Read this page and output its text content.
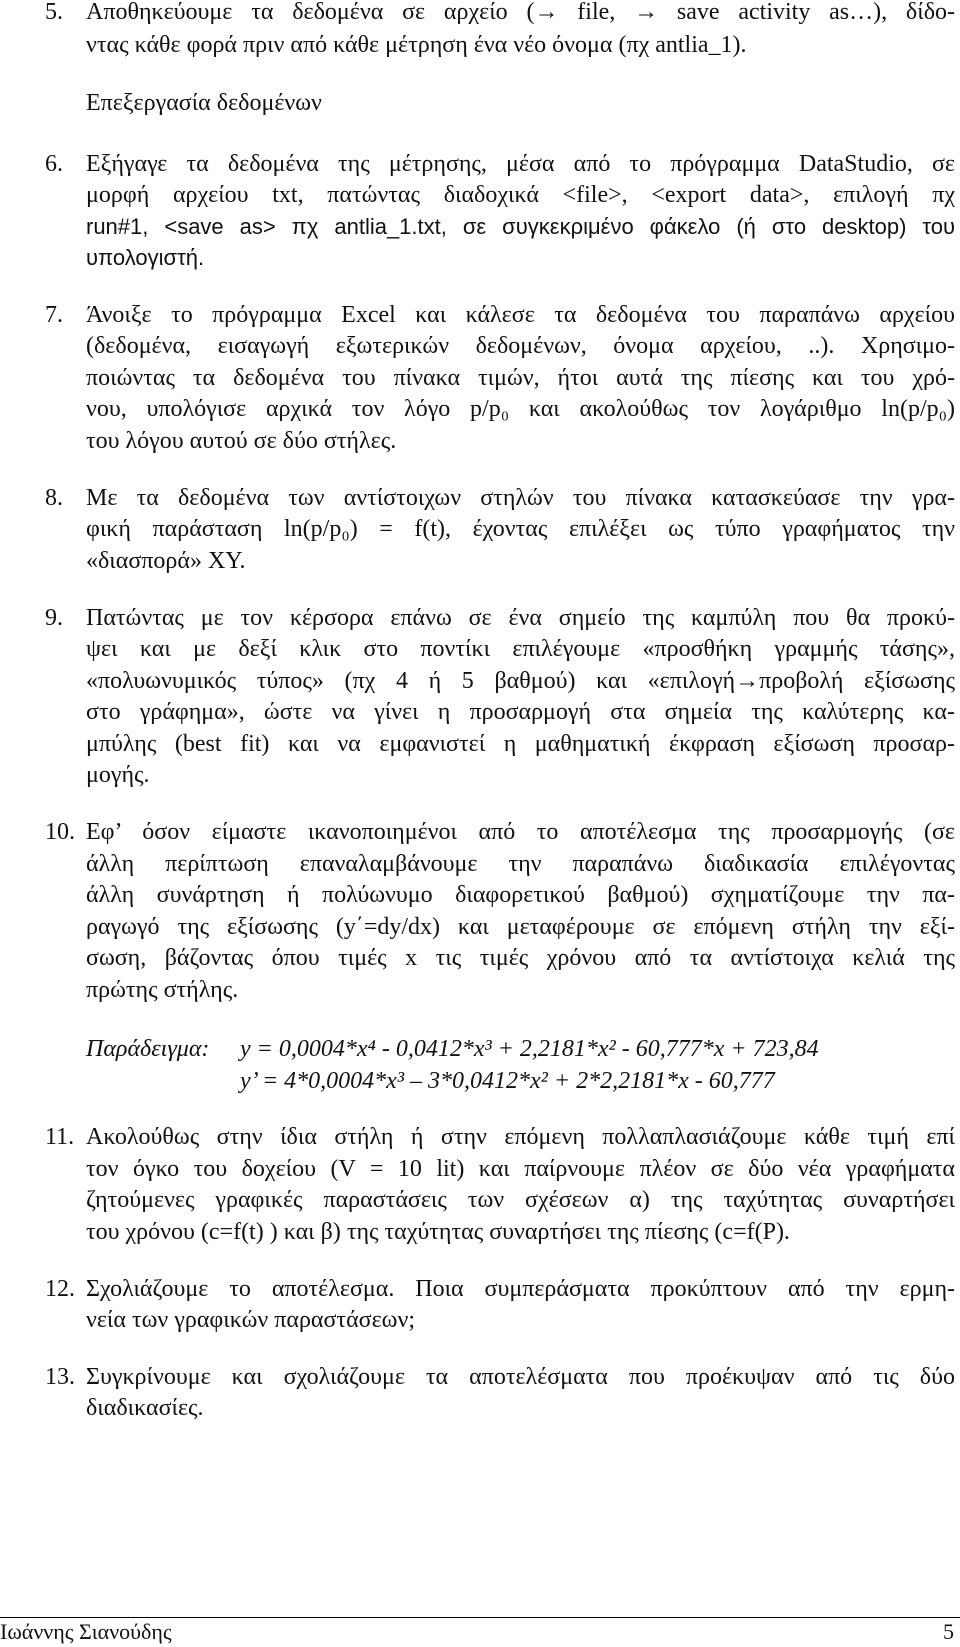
5. Αποθηκεύουμε τα δεδομένα σε αρχείο (→ file, → save activity as…), δίδο-
ντας κάθε φορά πριν από κάθε μέτρηση ένα νέο όνομα (πχ antlia_1).
Επεξεργασία δεδομένων
6. Εξήγαγε τα δεδομένα της μέτρησης, μέσα από το πρόγραμμα DataStudio, σε
μορφή αρχείου txt, πατώντας διαδοχικά <file>, <export data>, επιλογή πχ
run#1, <save as> πχ antlia_1.txt, σε συγκεκριμένο φάκελο (ή στο desktop) του
υπολογιστή.
7. Άνοιξε το πρόγραμμα Excel και κάλεσε τα δεδομένα του παραπάνω αρχείου
(δεδομένα, εισαγωγή εξωτερικών δεδομένων, όνομα αρχείου, ..). Χρησιμο-
ποιώντας τα δεδομένα του πίνακα τιμών, ήτοι αυτά της πίεσης και του χρό-
νου, υπολόγισε αρχικά τον λόγο p/p₀ και ακολούθως τον λογάριθμο ln(p/p₀)
του λόγου αυτού σε δύο στήλες.
8. Με τα δεδομένα των αντίστοιχων στηλών του πίνακα κατασκεύασε την γρα-
φική παράσταση ln(p/p₀) = f(t), έχοντας επιλέξει ως τύπο γραφήματος την
«διασπορά» XY.
9. Πατώντας με τον κέρσορα επάνω σε ένα σημείο της καμπύλη που θα προκύ-
ψει και με δεξί κλικ στο ποντίκι επιλέγουμε «προσθήκη γραμμής τάσης»,
«πολυωνυμικός τύπος» (πχ 4 ή 5 βαθμού) και «επιλογή→προβολή εξίσωσης
στο γράφημα», ώστε να γίνει η προσαρμογή στα σημεία της καλύτερης κα-
μπύλης (best fit) και να εμφανιστεί η μαθηματική έκφραση εξίσωση προσαρ-
μογής.
10. Εφ’ όσον είμαστε ικανοποιημένοι από το αποτέλεσμα της προσαρμογής (σε
άλλη περίπτωση επαναλαμβάνουμε την παραπάνω διαδικασία επιλέγοντας
άλλη συνάρτηση ή πολύωνυμο διαφορετικού βαθμού) σχηματίζουμε την πα-
ραγωγό της εξίσωσης (y΄=dy/dx) και μεταφέρουμε σε επόμενη στήλη την εξί-
σωση, βάζοντας όπου τιμές x τις τιμές χρόνου από τα αντίστοιχα κελιά της
πρώτης στήλης.
Παράδειγμα: y = 0,0004*x⁴ - 0,0412*x³ + 2,2181*x² - 60,777*x + 723,84
y’ = 4*0,0004*x³ – 3*0,0412*x² + 2*2,2181*x - 60,777
11. Ακολούθως στην ίδια στήλη ή στην επόμενη πολλαπλασιάζουμε κάθε τιμή επί
τον όγκο του δοχείου (V = 10 lit) και παίρνουμε πλέον σε δύο νέα γραφήματα
ζητούμενες γραφικές παραστάσεις των σχέσεων α) της ταχύτητας συναρτήσει
του χρόνου (c=f(t) ) και β) της ταχύτητας συναρτήσει της πίεσης (c=f(P).
12. Σχολιάζουμε το αποτέλεσμα. Ποια συμπεράσματα προκύπτουν από την ερμη-
νεία των γραφικών παραστάσεων;
13. Συγκρίνουμε και σχολιάζουμε τα αποτελέσματα που προέκυψαν από τις δύο
διαδικασίες.
Ιωάννης Σιανούδης	5
